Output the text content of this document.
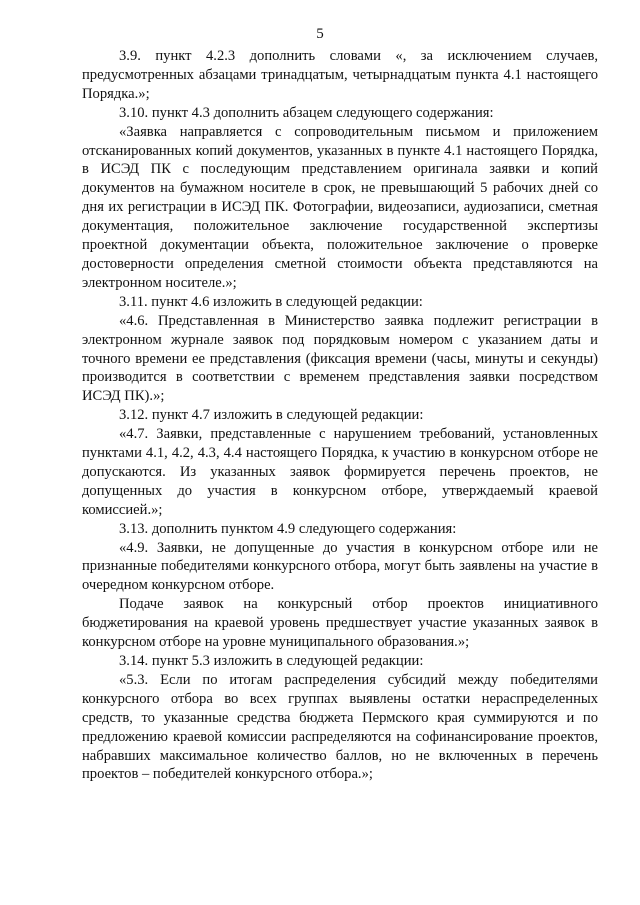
5

3.9. пункт 4.2.3 дополнить словами «, за исключением случаев, предусмотренных абзацами тринадцатым, четырнадцатым пункта 4.1 настоящего Порядка.»;

3.10. пункт 4.3 дополнить абзацем следующего содержания:

«Заявка направляется с сопроводительным письмом и приложением отсканированных копий документов, указанных в пункте 4.1 настоящего Порядка, в ИСЭД ПК с последующим представлением оригинала заявки и копий документов на бумажном носителе в срок, не превышающий 5 рабочих дней со дня их регистрации в ИСЭД ПК. Фотографии, видеозаписи, аудиозаписи, сметная документация, положительное заключение государственной экспертизы проектной документации объекта, положительное заключение о проверке достоверности определения сметной стоимости объекта представляются на электронном носителе.»;

3.11. пункт 4.6 изложить в следующей редакции:

«4.6. Представленная в Министерство заявка подлежит регистрации в электронном журнале заявок под порядковым номером с указанием даты и точного времени ее представления (фиксация времени (часы, минуты и секунды) производится в соответствии с временем представления заявки посредством ИСЭД ПК).»;

3.12. пункт 4.7 изложить в следующей редакции:

«4.7. Заявки, представленные с нарушением требований, установленных пунктами 4.1, 4.2, 4.3, 4.4 настоящего Порядка, к участию в конкурсном отборе не допускаются. Из указанных заявок формируется перечень проектов, не допущенных до участия в конкурсном отборе, утверждаемый краевой комиссией.»;

3.13. дополнить пунктом 4.9 следующего содержания:

«4.9. Заявки, не допущенные до участия в конкурсном отборе или не признанные победителями конкурсного отбора, могут быть заявлены на участие в очередном конкурсном отборе.

Подаче заявок на конкурсный отбор проектов инициативного бюджетирования на краевой уровень предшествует участие указанных заявок в конкурсном отборе на уровне муниципального образования.»;

3.14. пункт 5.3 изложить в следующей редакции:

«5.3. Если по итогам распределения субсидий между победителями конкурсного отбора во всех группах выявлены остатки нераспределенных средств, то указанные средства бюджета Пермского края суммируются и по предложению краевой комиссии распределяются на софинансирование проектов, набравших максимальное количество баллов, но не включенных в перечень проектов – победителей конкурсного отбора.»;
